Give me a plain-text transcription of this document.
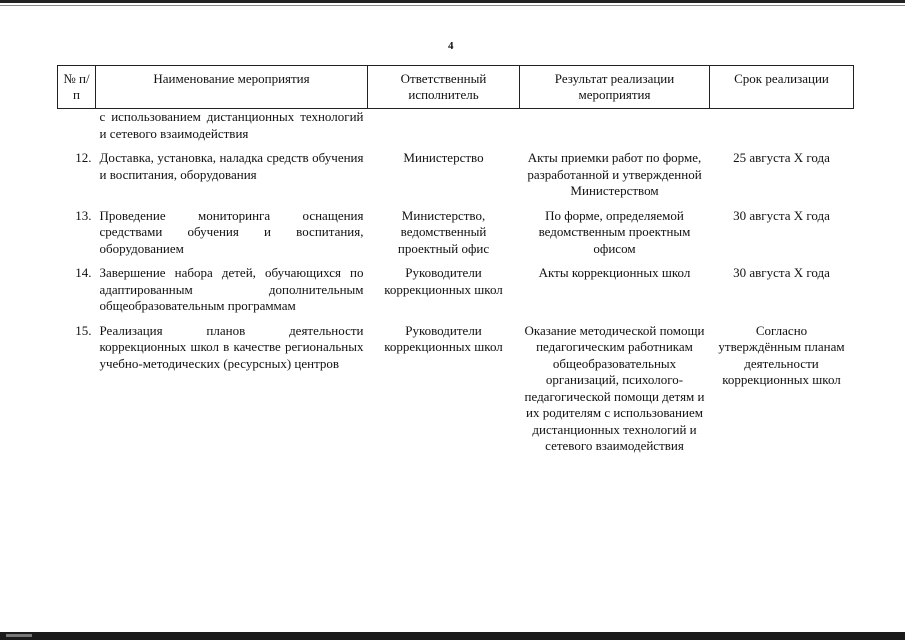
4
№ п/п	Наименование мероприятия	Ответственный исполнитель	Результат реализации мероприятия	Срок реализации
	с использованием дистанционных технологий и сетевого взаимодействия			

12.	Доставка, установка, наладка средств обучения и воспитания, оборудования	Министерство	Акты приемки работ по форме, разработанной и утвержденной Министерством	25 августа X года

13.	Проведение мониторинга оснащения средствами обучения и воспитания, оборудованием	Министерство, ведомственный проектный офис	По форме, определяемой ведомственным проектным офисом	30 августа X года

14.	Завершение набора детей, обучающихся по адаптированным дополнительным общеобразовательным программам	Руководители коррекционных школ	Акты коррекционных школ	30 августа X года

15.	Реализация планов деятельности коррекционных школ в качестве региональных учебно-методических (ресурсных) центров	Руководители коррекционных школ	Оказание методической помощи педагогическим работникам общеобразовательных организаций, психолого-педагогической помощи детям и их родителям с использованием дистанционных технологий и сетевого взаимодействия	Согласно утверждённым планам деятельности коррекционных школ
